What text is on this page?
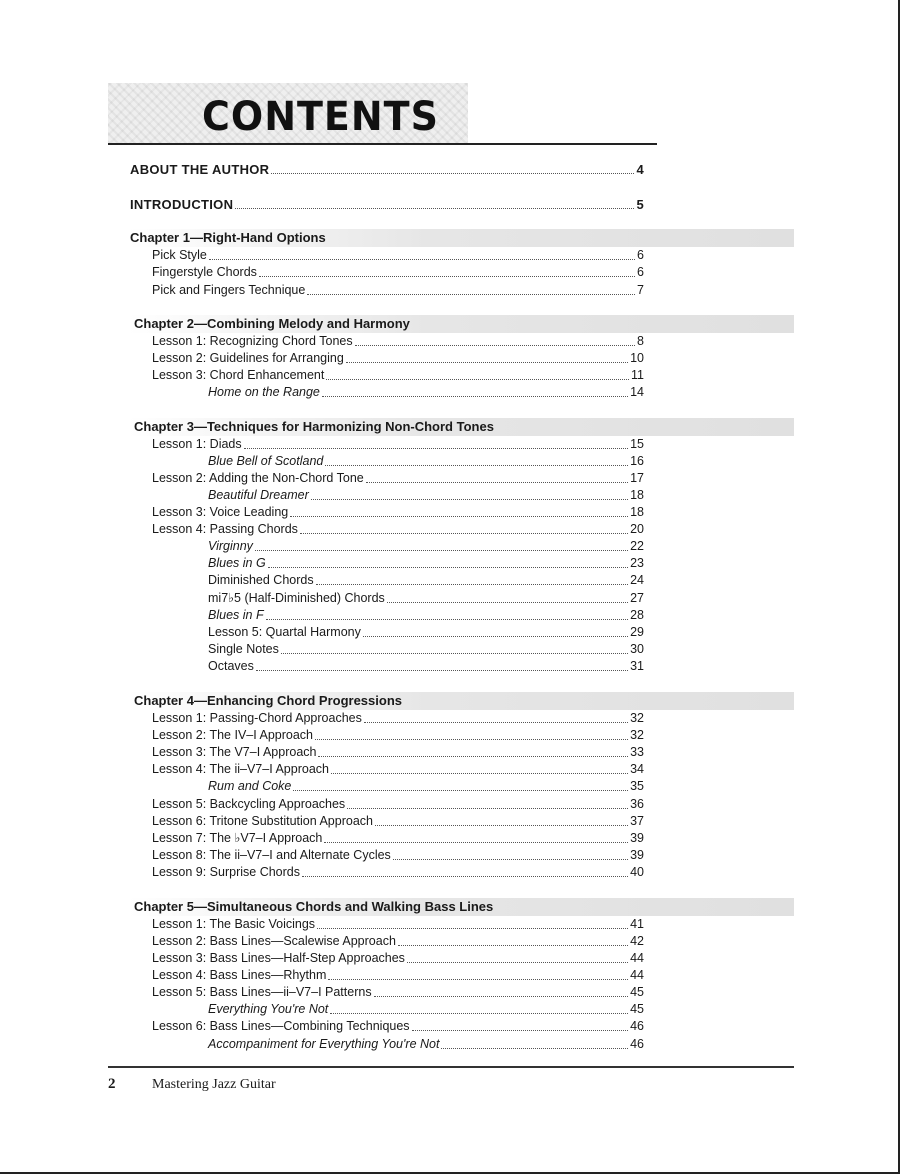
CONTENTS
ABOUT THE AUTHOR	4
INTRODUCTION	5
Chapter 1—Right-Hand Options
Pick Style	6
Fingerstyle Chords	6
Pick and Fingers Technique	7
Chapter 2—Combining Melody and Harmony
Lesson 1: Recognizing Chord Tones	8
Lesson 2: Guidelines for Arranging	10
Lesson 3: Chord Enhancement	11
Home on the Range	14
Chapter 3—Techniques for Harmonizing Non-Chord Tones
Lesson 1: Diads	15
Blue Bell of Scotland	16
Lesson 2: Adding the Non-Chord Tone	17
Beautiful Dreamer	18
Lesson 3: Voice Leading	18
Lesson 4: Passing Chords	20
Virginny	22
Blues in G	23
Diminished Chords	24
mi7♭5 (Half-Diminished) Chords	27
Blues in F	28
Lesson 5: Quartal Harmony	29
Single Notes	30
Octaves	31
Chapter 4—Enhancing Chord Progressions
Lesson 1: Passing-Chord Approaches	32
Lesson 2: The IV–I Approach	32
Lesson 3: The V7–I Approach	33
Lesson 4: The ii–V7–I Approach	34
Rum and Coke	35
Lesson 5: Backcycling Approaches	36
Lesson 6: Tritone Substitution Approach	37
Lesson 7: The ♭V7–I Approach	39
Lesson 8: The ii–V7–I and Alternate Cycles	39
Lesson 9: Surprise Chords	40
Chapter 5—Simultaneous Chords and Walking Bass Lines
Lesson 1: The Basic Voicings	41
Lesson 2: Bass Lines—Scalewise Approach	42
Lesson 3: Bass Lines—Half-Step Approaches	44
Lesson 4: Bass Lines—Rhythm	44
Lesson 5: Bass Lines—ii–V7–I Patterns	45
Everything You're Not	45
Lesson 6: Bass Lines—Combining Techniques	46
Accompaniment for Everything You're Not	46
2	Mastering Jazz Guitar
